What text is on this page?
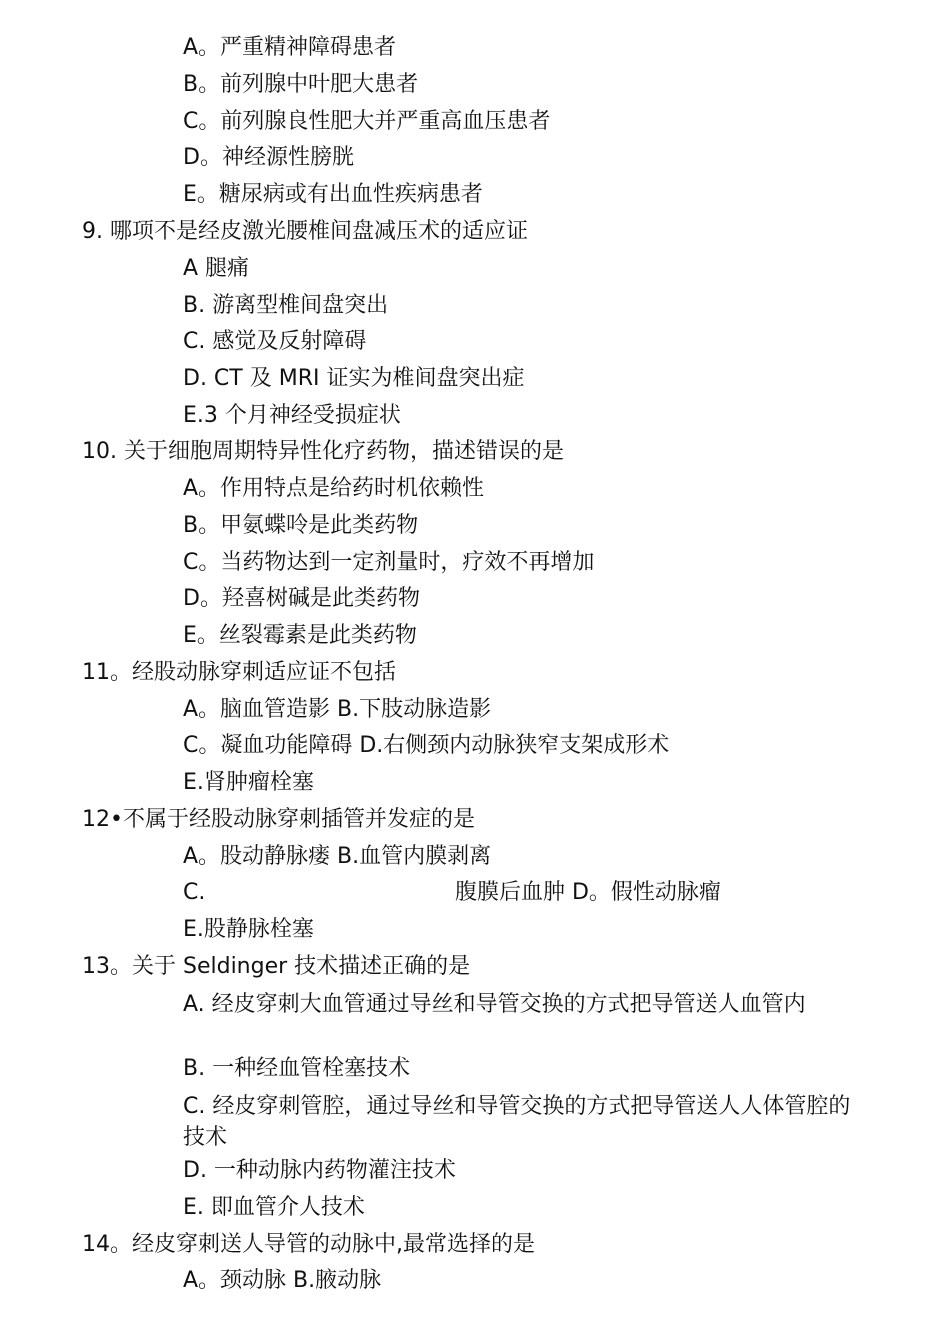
A。严重精神障碍患者
B。前列腺中叶肥大患者
C。前列腺良性肥大并严重高血压患者
D。神经源性膀胱
E。糖尿病或有出血性疾病患者
9. 哪项不是经皮激光腰椎间盘减压术的适应证
A 腿痛
B. 游离型椎间盘突出
C. 感觉及反射障碍
D. CT 及 MRI 证实为椎间盘突出症
E.3 个月神经受损症状
10. 关于细胞周期特异性化疗药物，描述错误的是
A。作用特点是给药时机依赖性
B。甲氨蝶呤是此类药物
C。当药物达到一定剂量时，疗效不再增加
D。羟喜树碱是此类药物
E。丝裂霉素是此类药物
11。经股动脉穿刺适应证不包括
A。脑血管造影 B.下肢动脉造影
C。凝血功能障碍 D.右侧颈内动脉狭窄支架成形术
E.肾肿瘤栓塞
12•不属于经股动脉穿刺插管并发症的是
A。股动静脉瘘 B.血管内膜剥离
C.	腹膜后血肿 D。假性动脉瘤
E.股静脉栓塞
13。关于 Seldinger 技术描述正确的是
A. 经皮穿刺大血管通过导丝和导管交换的方式把导管送人血管内
B. 一种经血管栓塞技术
C. 经皮穿刺管腔，通过导丝和导管交换的方式把导管送人人体管腔的技术
D. 一种动脉内药物灌注技术
E. 即血管介人技术
14。经皮穿刺送人导管的动脉中,最常选择的是
A。颈动脉 B.腋动脉
